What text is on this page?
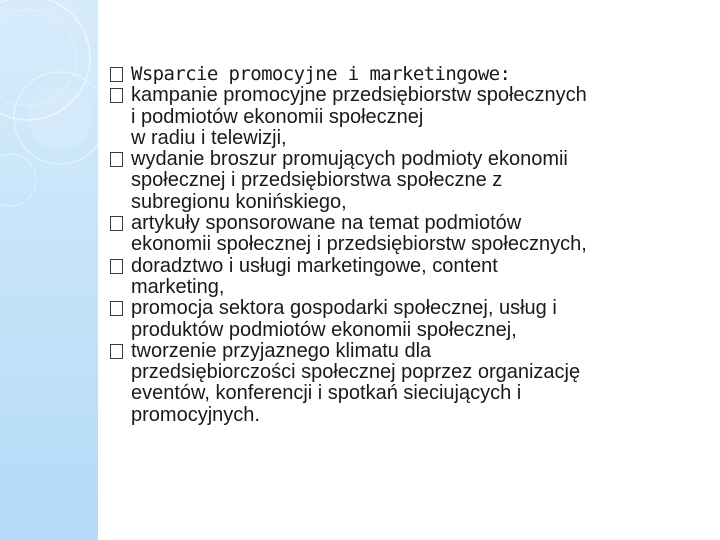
Wsparcie promocyjne i marketingowe:
kampanie promocyjne przedsiębiorstw społecznych
i podmiotów ekonomii społecznej
w radiu i telewizji,
wydanie broszur promujących podmioty ekonomii
społecznej i przedsiębiorstwa społeczne z
subregionu konińskiego,
artykuły sponsorowane na temat podmiotów
ekonomii społecznej i przedsiębiorstw społecznych,
doradztwo i usługi marketingowe, content
marketing,
promocja sektora gospodarki społecznej, usług i
produktów podmiotów ekonomii społecznej,
tworzenie przyjaznego klimatu dla
przedsiębiorczości społecznej poprzez organizację
eventów, konferencji i spotkań sieciujących i
promocyjnych.
